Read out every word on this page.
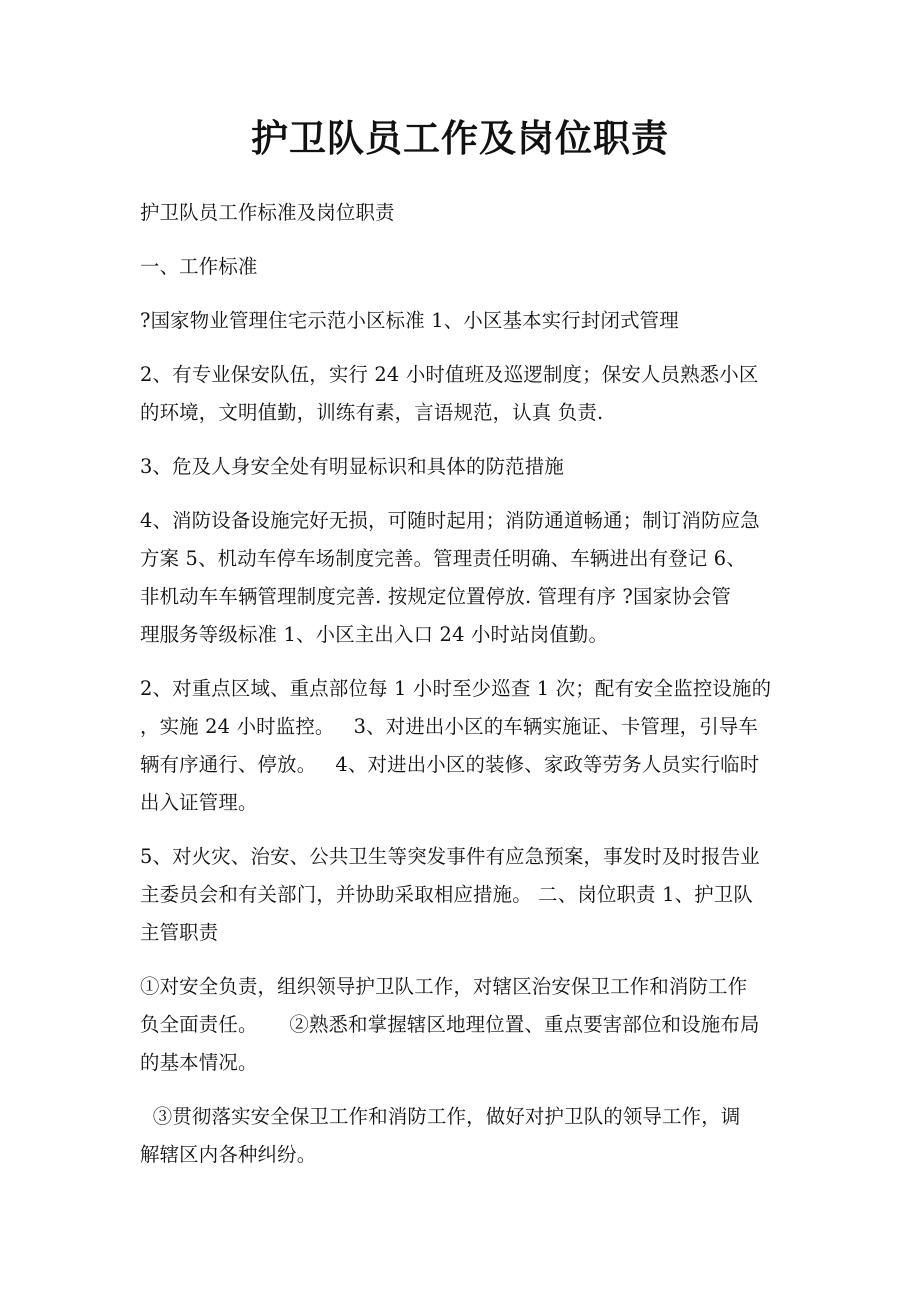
护卫队员工作及岗位职责

护卫队员工作标准及岗位职责

一、工作标准

?国家物业管理住宅示范小区标准 1、小区基本实行封闭式管理

2、有专业保安队伍，实行 24 小时值班及巡逻制度；保安人员熟悉小区
的环境，文明值勤，训练有素，言语规范，认真 负责.

3、危及人身安全处有明显标识和具体的防范措施

4、消防设备设施完好无损，可随时起用；消防通道畅通；制订消防应急
方案 5、机动车停车场制度完善。管理责任明确、车辆进出有登记 6、
非机动车车辆管理制度完善. 按规定位置停放. 管理有序 ?国家协会管
理服务等级标准 1、小区主出入口 24 小时站岗值勤。

2、对重点区域、重点部位每 1 小时至少巡查 1 次；配有安全监控设施的
，实施 24 小时监控。   3、对进出小区的车辆实施证、卡管理，引导车
辆有序通行、停放。   4、对进出小区的装修、家政等劳务人员实行临时
出入证管理。

5、对火灾、治安、公共卫生等突发事件有应急预案，事发时及时报告业
主委员会和有关部门，并协助采取相应措施。 二、岗位职责 1、护卫队
主管职责

①对安全负责，组织领导护卫队工作，对辖区治安保卫工作和消防工作
负全面责任。     ②熟悉和掌握辖区地理位置、重点要害部位和设施布局
的基本情况。

③贯彻落实安全保卫工作和消防工作，做好对护卫队的领导工作，调
解辖区内各种纠纷。
